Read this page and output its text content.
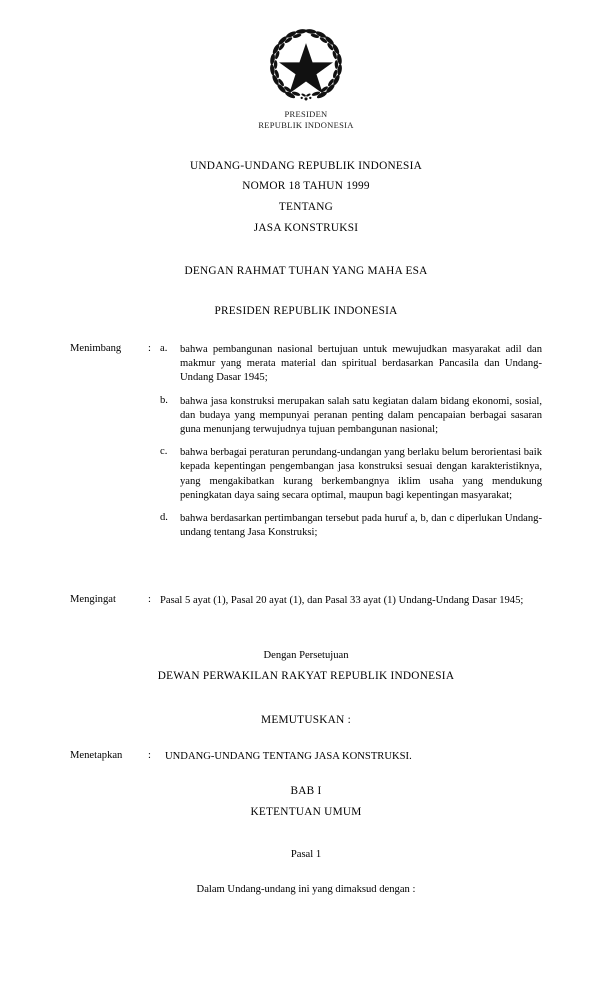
PRESIDEN
REPUBLIK INDONESIA
UNDANG-UNDANG REPUBLIK INDONESIA
NOMOR 18 TAHUN 1999
TENTANG
JASA KONSTRUKSI
DENGAN RAHMAT TUHAN YANG MAHA ESA
PRESIDEN REPUBLIK INDONESIA
Menimbang	: a. bahwa pembangunan nasional bertujuan untuk mewujudkan masyarakat adil dan makmur yang merata material dan spiritual berdasarkan Pancasila dan Undang-Undang Dasar 1945;
b. bahwa jasa konstruksi merupakan salah satu kegiatan dalam bidang ekonomi, sosial, dan budaya yang mempunyai peranan penting dalam pencapaian berbagai sasaran guna menunjang terwujudnya tujuan pembangunan nasional;
c. bahwa berbagai peraturan perundang-undangan yang berlaku belum berorientasi baik kepada kepentingan pengembangan jasa konstruksi sesuai dengan karakteristiknya, yang mengakibatkan kurang berkembangnya iklim usaha yang mendukung peningkatan daya saing secara optimal, maupun bagi kepentingan masyarakat;
d. bahwa berdasarkan pertimbangan tersebut pada huruf a, b, dan c diperlukan Undang-undang tentang Jasa Konstruksi;
Mengingat	: Pasal 5 ayat (1), Pasal 20 ayat (1), dan Pasal 33 ayat (1) Undang-Undang Dasar 1945;
Dengan Persetujuan
DEWAN PERWAKILAN RAKYAT REPUBLIK INDONESIA
MEMUTUSKAN :
Menetapkan	: UNDANG-UNDANG TENTANG JASA KONSTRUKSI.
BAB I
KETENTUAN UMUM
Pasal 1
Dalam Undang-undang ini yang dimaksud dengan :
